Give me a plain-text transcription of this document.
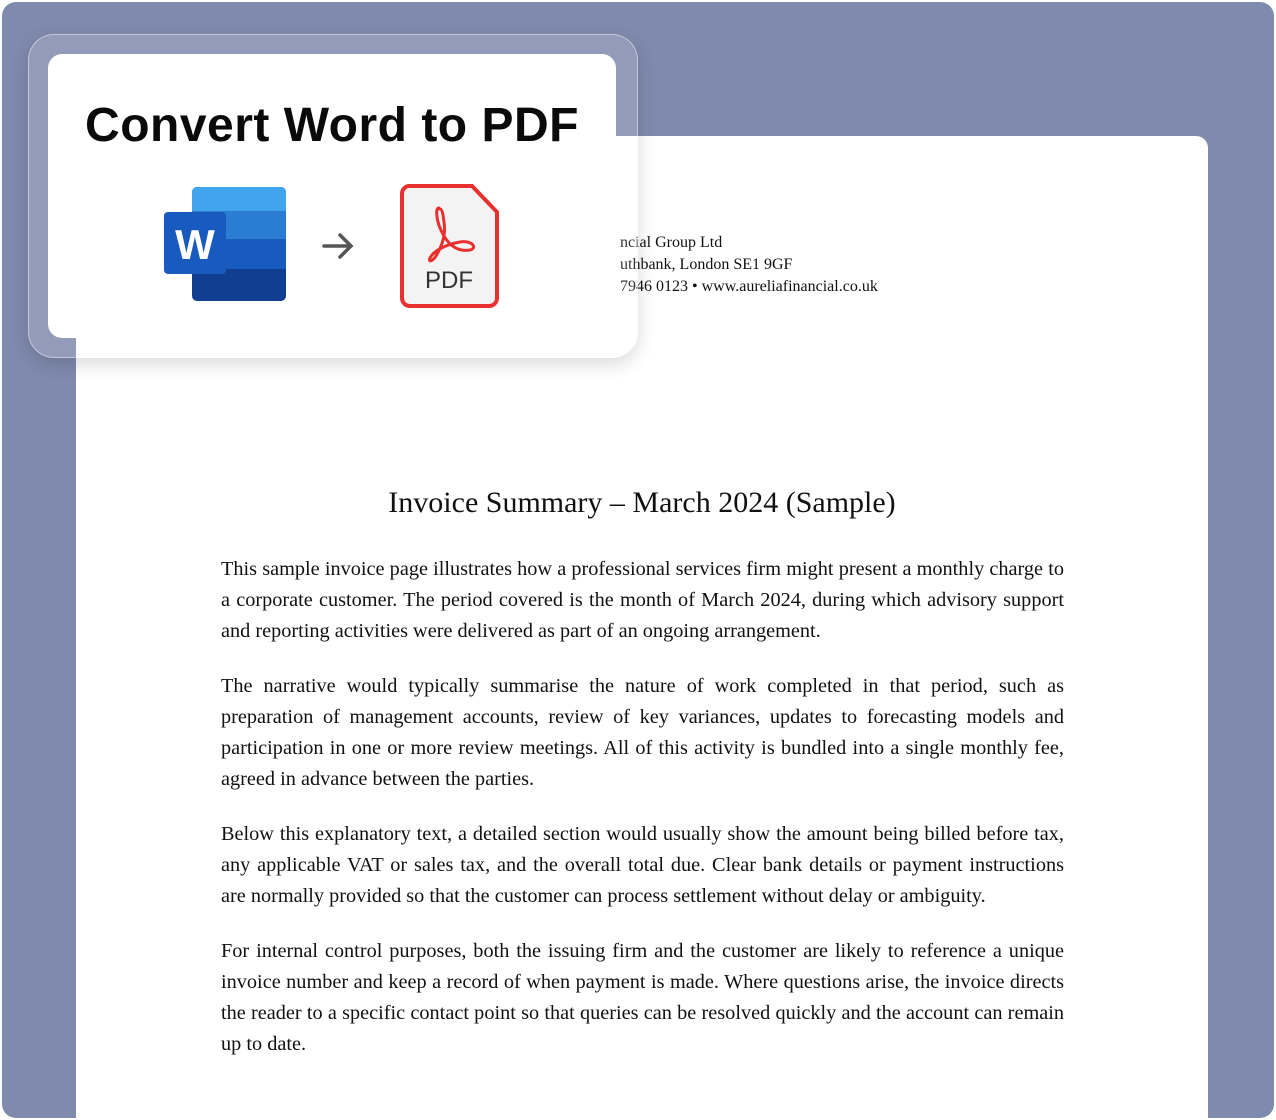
ncial Group Ltd
uthbank, London SE1 9GF
7946 0123 • www.aureliafinancial.co.uk
Invoice Summary – March 2024 (Sample)

This sample invoice page illustrates how a professional services firm might present a monthly charge to a corporate customer. The period covered is the month of March 2024, during which advisory support and reporting activities were delivered as part of an ongoing arrangement.

The narrative would typically summarise the nature of work completed in that period, such as preparation of management accounts, review of key variances, updates to forecasting models and participation in one or more review meetings. All of this activity is bundled into a single monthly fee, agreed in advance between the parties.

Below this explanatory text, a detailed section would usually show the amount being billed before tax, any applicable VAT or sales tax, and the overall total due. Clear bank details or payment instructions are normally provided so that the customer can process settlement without delay or ambiguity.

For internal control purposes, both the issuing firm and the customer are likely to reference a unique invoice number and keep a record of when payment is made. Where questions arise, the invoice directs the reader to a specific contact point so that queries can be resolved quickly and the account can remain up to date.

Convert Word to PDF
W
PDF
